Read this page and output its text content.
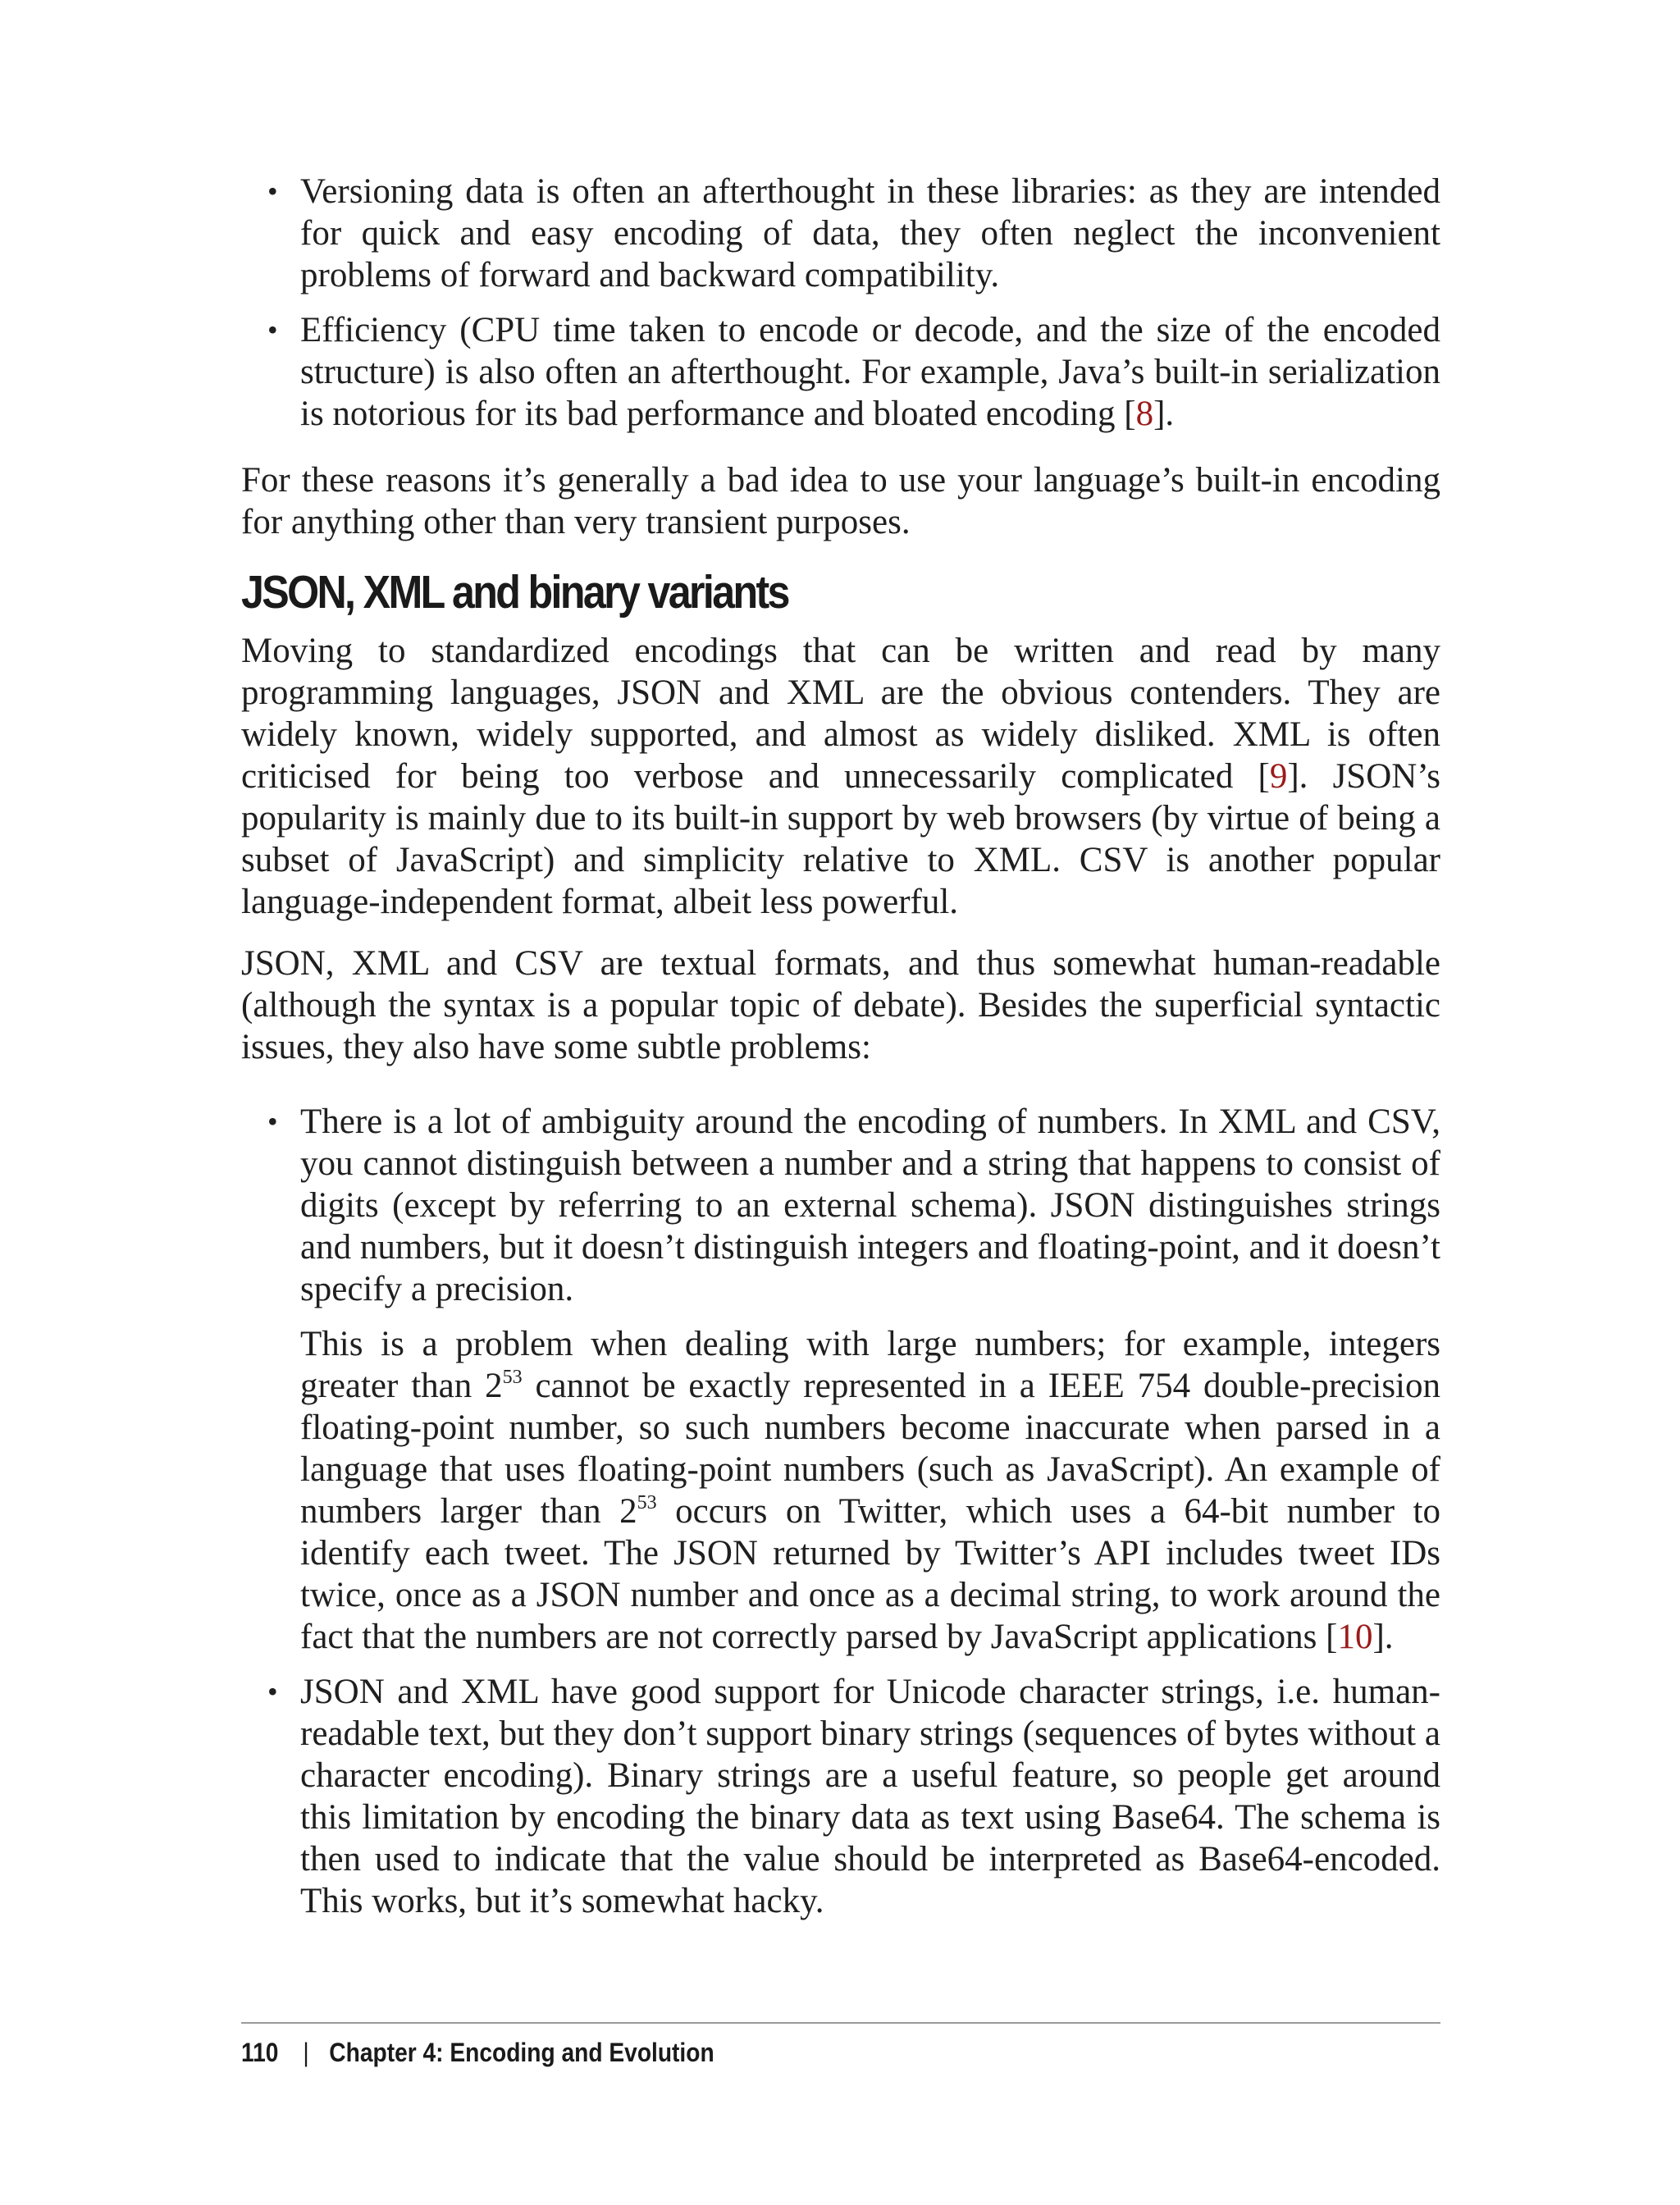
• Versioning data is often an afterthought in these libraries: as they are intended for quick and easy encoding of data, they often neglect the inconvenient problems of forward and backward compatibility.

• Efficiency (CPU time taken to encode or decode, and the size of the encoded structure) is also often an afterthought. For example, Java’s built-in serialization is notorious for its bad performance and bloated encoding [8].

For these reasons it’s generally a bad idea to use your language’s built-in encoding for anything other than very transient purposes.

JSON, XML and binary variants

Moving to standardized encodings that can be written and read by many programming languages, JSON and XML are the obvious contenders. They are widely known, widely supported, and almost as widely disliked. XML is often criticised for being too verbose and unnecessarily complicated [9]. JSON’s popularity is mainly due to its built-in support by web browsers (by virtue of being a subset of JavaScript) and simplicity relative to XML. CSV is another popular language-independent format, albeit less powerful.

JSON, XML and CSV are textual formats, and thus somewhat human-readable (although the syntax is a popular topic of debate). Besides the superficial syntactic issues, they also have some subtle problems:

• There is a lot of ambiguity around the encoding of numbers. In XML and CSV, you cannot distinguish between a number and a string that happens to consist of digits (except by referring to an external schema). JSON distinguishes strings and numbers, but it doesn’t distinguish integers and floating-point, and it doesn’t specify a precision.

This is a problem when dealing with large numbers; for example, integers greater than $2^{53}$ cannot be exactly represented in a IEEE 754 double-precision floating-point number, so such numbers become inaccurate when parsed in a language that uses floating-point numbers (such as JavaScript). An example of numbers larger than $2^{53}$ occurs on Twitter, which uses a 64-bit number to identify each tweet. The JSON returned by Twitter’s API includes tweet IDs twice, once as a JSON number and once as a decimal string, to work around the fact that the numbers are not correctly parsed by JavaScript applications [10].

• JSON and XML have good support for Unicode character strings, i.e. human-readable text, but they don’t support binary strings (sequences of bytes without a character encoding). Binary strings are a useful feature, so people get around this limitation by encoding the binary data as text using Base64. The schema is then used to indicate that the value should be interpreted as Base64-encoded. This works, but it’s somewhat hacky.

110 | Chapter 4: Encoding and Evolution
